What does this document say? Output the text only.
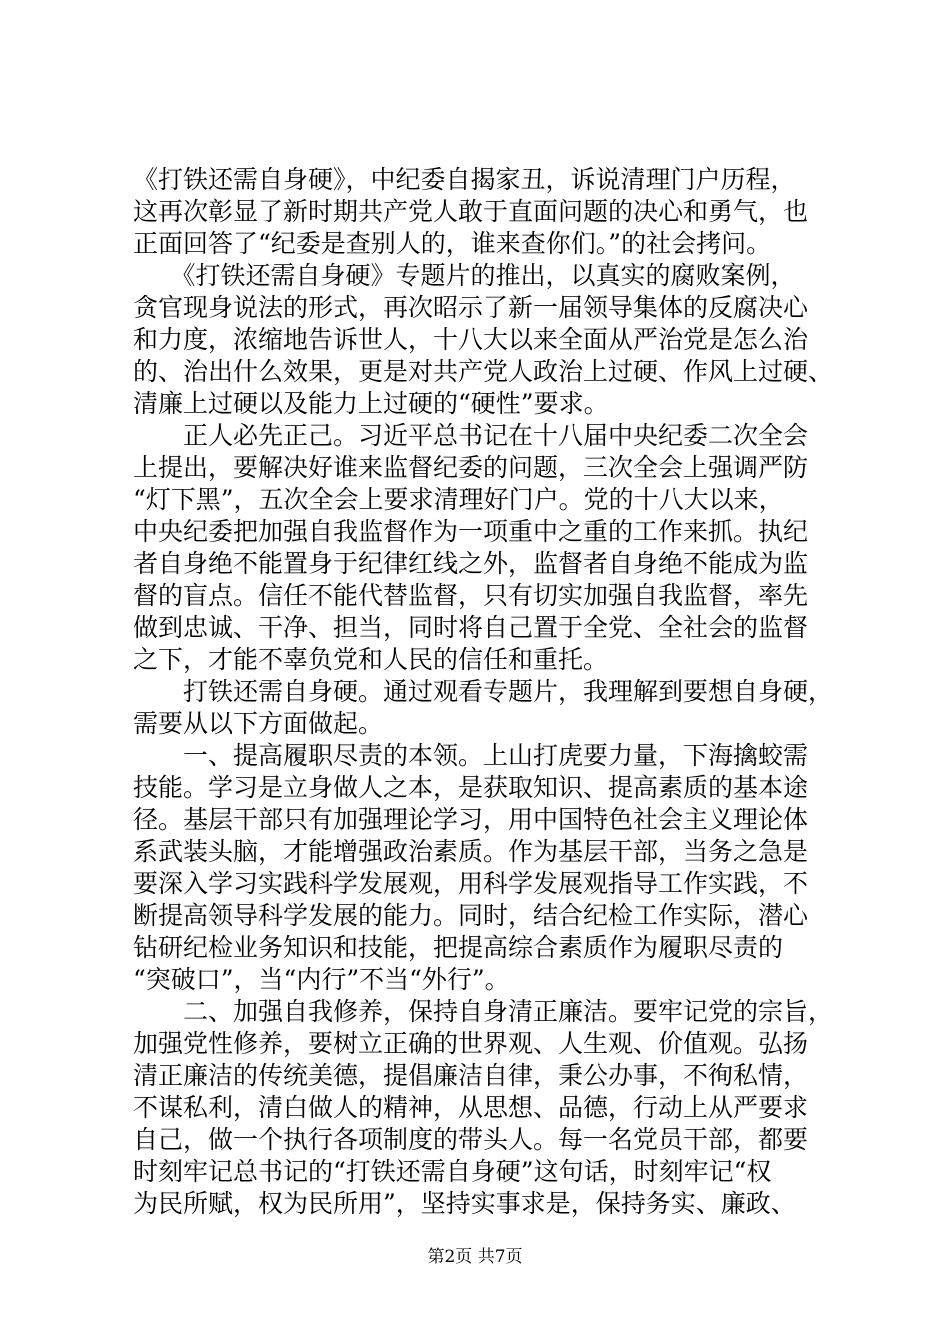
《打铁还需自身硬》，中纪委自揭家丑，诉说清理门户历程，
这再次彰显了新时期共产党人敢于直面问题的决心和勇气，也
正面回答了“纪委是查别人的，谁来查你们。”的社会拷问。
　　《打铁还需自身硬》专题片的推出，以真实的腐败案例，
贪官现身说法的形式，再次昭示了新一届领导集体的反腐决心
和力度，浓缩地告诉世人，十八大以来全面从严治党是怎么治
的、治出什么效果，更是对共产党人政治上过硬、作风上过硬、
清廉上过硬以及能力上过硬的“硬性”要求。
　　正人必先正己。习近平总书记在十八届中央纪委二次全会
上提出，要解决好谁来监督纪委的问题，三次全会上强调严防
“灯下黑”，五次全会上要求清理好门户。党的十八大以来，
中央纪委把加强自我监督作为一项重中之重的工作来抓。执纪
者自身绝不能置身于纪律红线之外，监督者自身绝不能成为监
督的盲点。信任不能代替监督，只有切实加强自我监督，率先
做到忠诚、干净、担当，同时将自己置于全党、全社会的监督
之下，才能不辜负党和人民的信任和重托。
　　打铁还需自身硬。通过观看专题片，我理解到要想自身硬，
需要从以下方面做起。
　　一、提高履职尽责的本领。上山打虎要力量，下海擒蛟需
技能。学习是立身做人之本，是获取知识、提高素质的基本途
径。基层干部只有加强理论学习，用中国特色社会主义理论体
系武装头脑，才能增强政治素质。作为基层干部，当务之急是
要深入学习实践科学发展观，用科学发展观指导工作实践，不
断提高领导科学发展的能力。同时，结合纪检工作实际，潜心
钻研纪检业务知识和技能，把提高综合素质作为履职尽责的
“突破口”，当“内行”不当“外行”。
　　二、加强自我修养，保持自身清正廉洁。要牢记党的宗旨，
加强党性修养，要树立正确的世界观、人生观、价值观。弘扬
清正廉洁的传统美德，提倡廉洁自律，秉公办事，不徇私情，
不谋私利，清白做人的精神，从思想、品德，行动上从严要求
自己，做一个执行各项制度的带头人。每一名党员干部，都要
时刻牢记总书记的“打铁还需自身硬”这句话，时刻牢记“权
为民所赋，权为民所用”，坚持实事求是，保持务实、廉政、
第2页 共7页
